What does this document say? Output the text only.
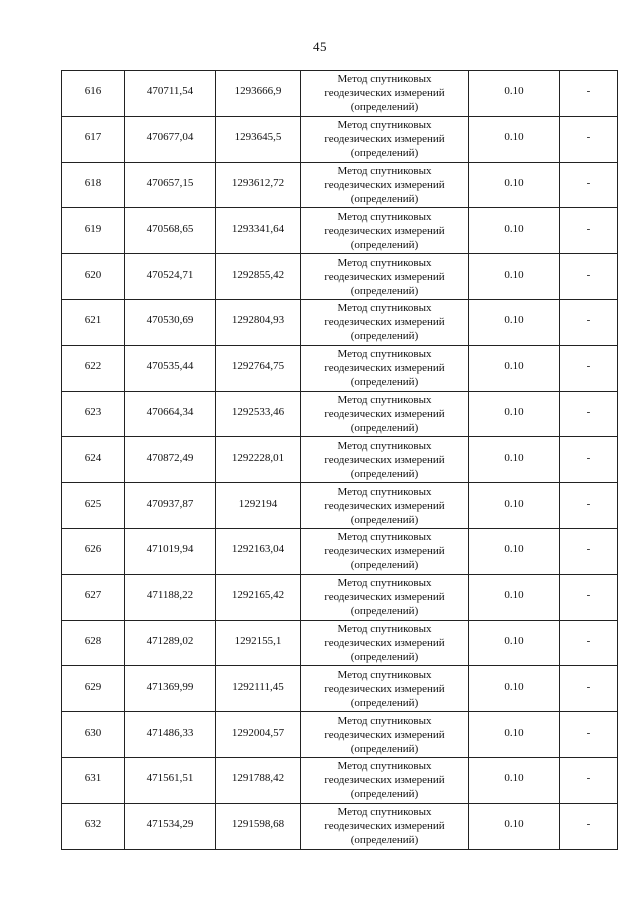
45
616	470711,54	1293666,9	Метод спутниковых
геодезических измерений
(определений)	0.10	-
617	470677,04	1293645,5	Метод спутниковых
геодезических измерений
(определений)	0.10	-
618	470657,15	1293612,72	Метод спутниковых
геодезических измерений
(определений)	0.10	-
619	470568,65	1293341,64	Метод спутниковых
геодезических измерений
(определений)	0.10	-
620	470524,71	1292855,42	Метод спутниковых
геодезических измерений
(определений)	0.10	-
621	470530,69	1292804,93	Метод спутниковых
геодезических измерений
(определений)	0.10	-
622	470535,44	1292764,75	Метод спутниковых
геодезических измерений
(определений)	0.10	-
623	470664,34	1292533,46	Метод спутниковых
геодезических измерений
(определений)	0.10	-
624	470872,49	1292228,01	Метод спутниковых
геодезических измерений
(определений)	0.10	-
625	470937,87	1292194	Метод спутниковых
геодезических измерений
(определений)	0.10	-
626	471019,94	1292163,04	Метод спутниковых
геодезических измерений
(определений)	0.10	-
627	471188,22	1292165,42	Метод спутниковых
геодезических измерений
(определений)	0.10	-
628	471289,02	1292155,1	Метод спутниковых
геодезических измерений
(определений)	0.10	-
629	471369,99	1292111,45	Метод спутниковых
геодезических измерений
(определений)	0.10	-
630	471486,33	1292004,57	Метод спутниковых
геодезических измерений
(определений)	0.10	-
631	471561,51	1291788,42	Метод спутниковых
геодезических измерений
(определений)	0.10	-
632	471534,29	1291598,68	Метод спутниковых
геодезических измерений
(определений)	0.10	-
